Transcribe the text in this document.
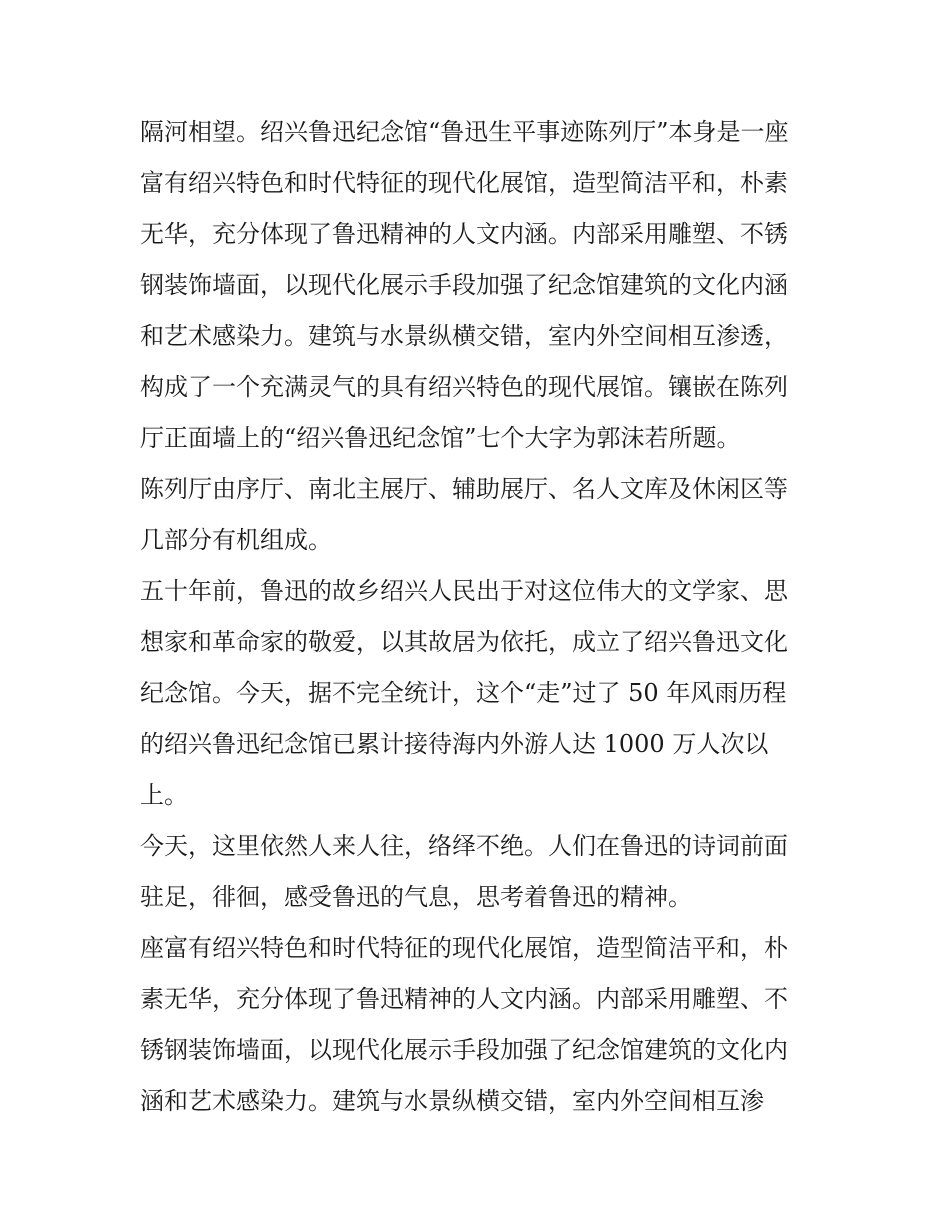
隔河相望。绍兴鲁迅纪念馆“鲁迅生平事迹陈列厅”本身是一座
富有绍兴特色和时代特征的现代化展馆，造型简洁平和，朴素
无华，充分体现了鲁迅精神的人文内涵。内部采用雕塑、不锈
钢装饰墙面，以现代化展示手段加强了纪念馆建筑的文化内涵
和艺术感染力。建筑与水景纵横交错，室内外空间相互渗透，
构成了一个充满灵气的具有绍兴特色的现代展馆。镶嵌在陈列
厅正面墙上的“绍兴鲁迅纪念馆”七个大字为郭沫若所题。
陈列厅由序厅、南北主展厅、辅助展厅、名人文库及休闲区等
几部分有机组成。
五十年前，鲁迅的故乡绍兴人民出于对这位伟大的文学家、思
想家和革命家的敬爱，以其故居为依托，成立了绍兴鲁迅文化
纪念馆。今天，据不完全统计，这个“走”过了 50 年风雨历程
的绍兴鲁迅纪念馆已累计接待海内外游人达 1000 万人次以
上。
今天，这里依然人来人往，络绎不绝。人们在鲁迅的诗词前面
驻足，徘徊，感受鲁迅的气息，思考着鲁迅的精神。
座富有绍兴特色和时代特征的现代化展馆，造型简洁平和，朴
素无华，充分体现了鲁迅精神的人文内涵。内部采用雕塑、不
锈钢装饰墙面，以现代化展示手段加强了纪念馆建筑的文化内
涵和艺术感染力。建筑与水景纵横交错，室内外空间相互渗
